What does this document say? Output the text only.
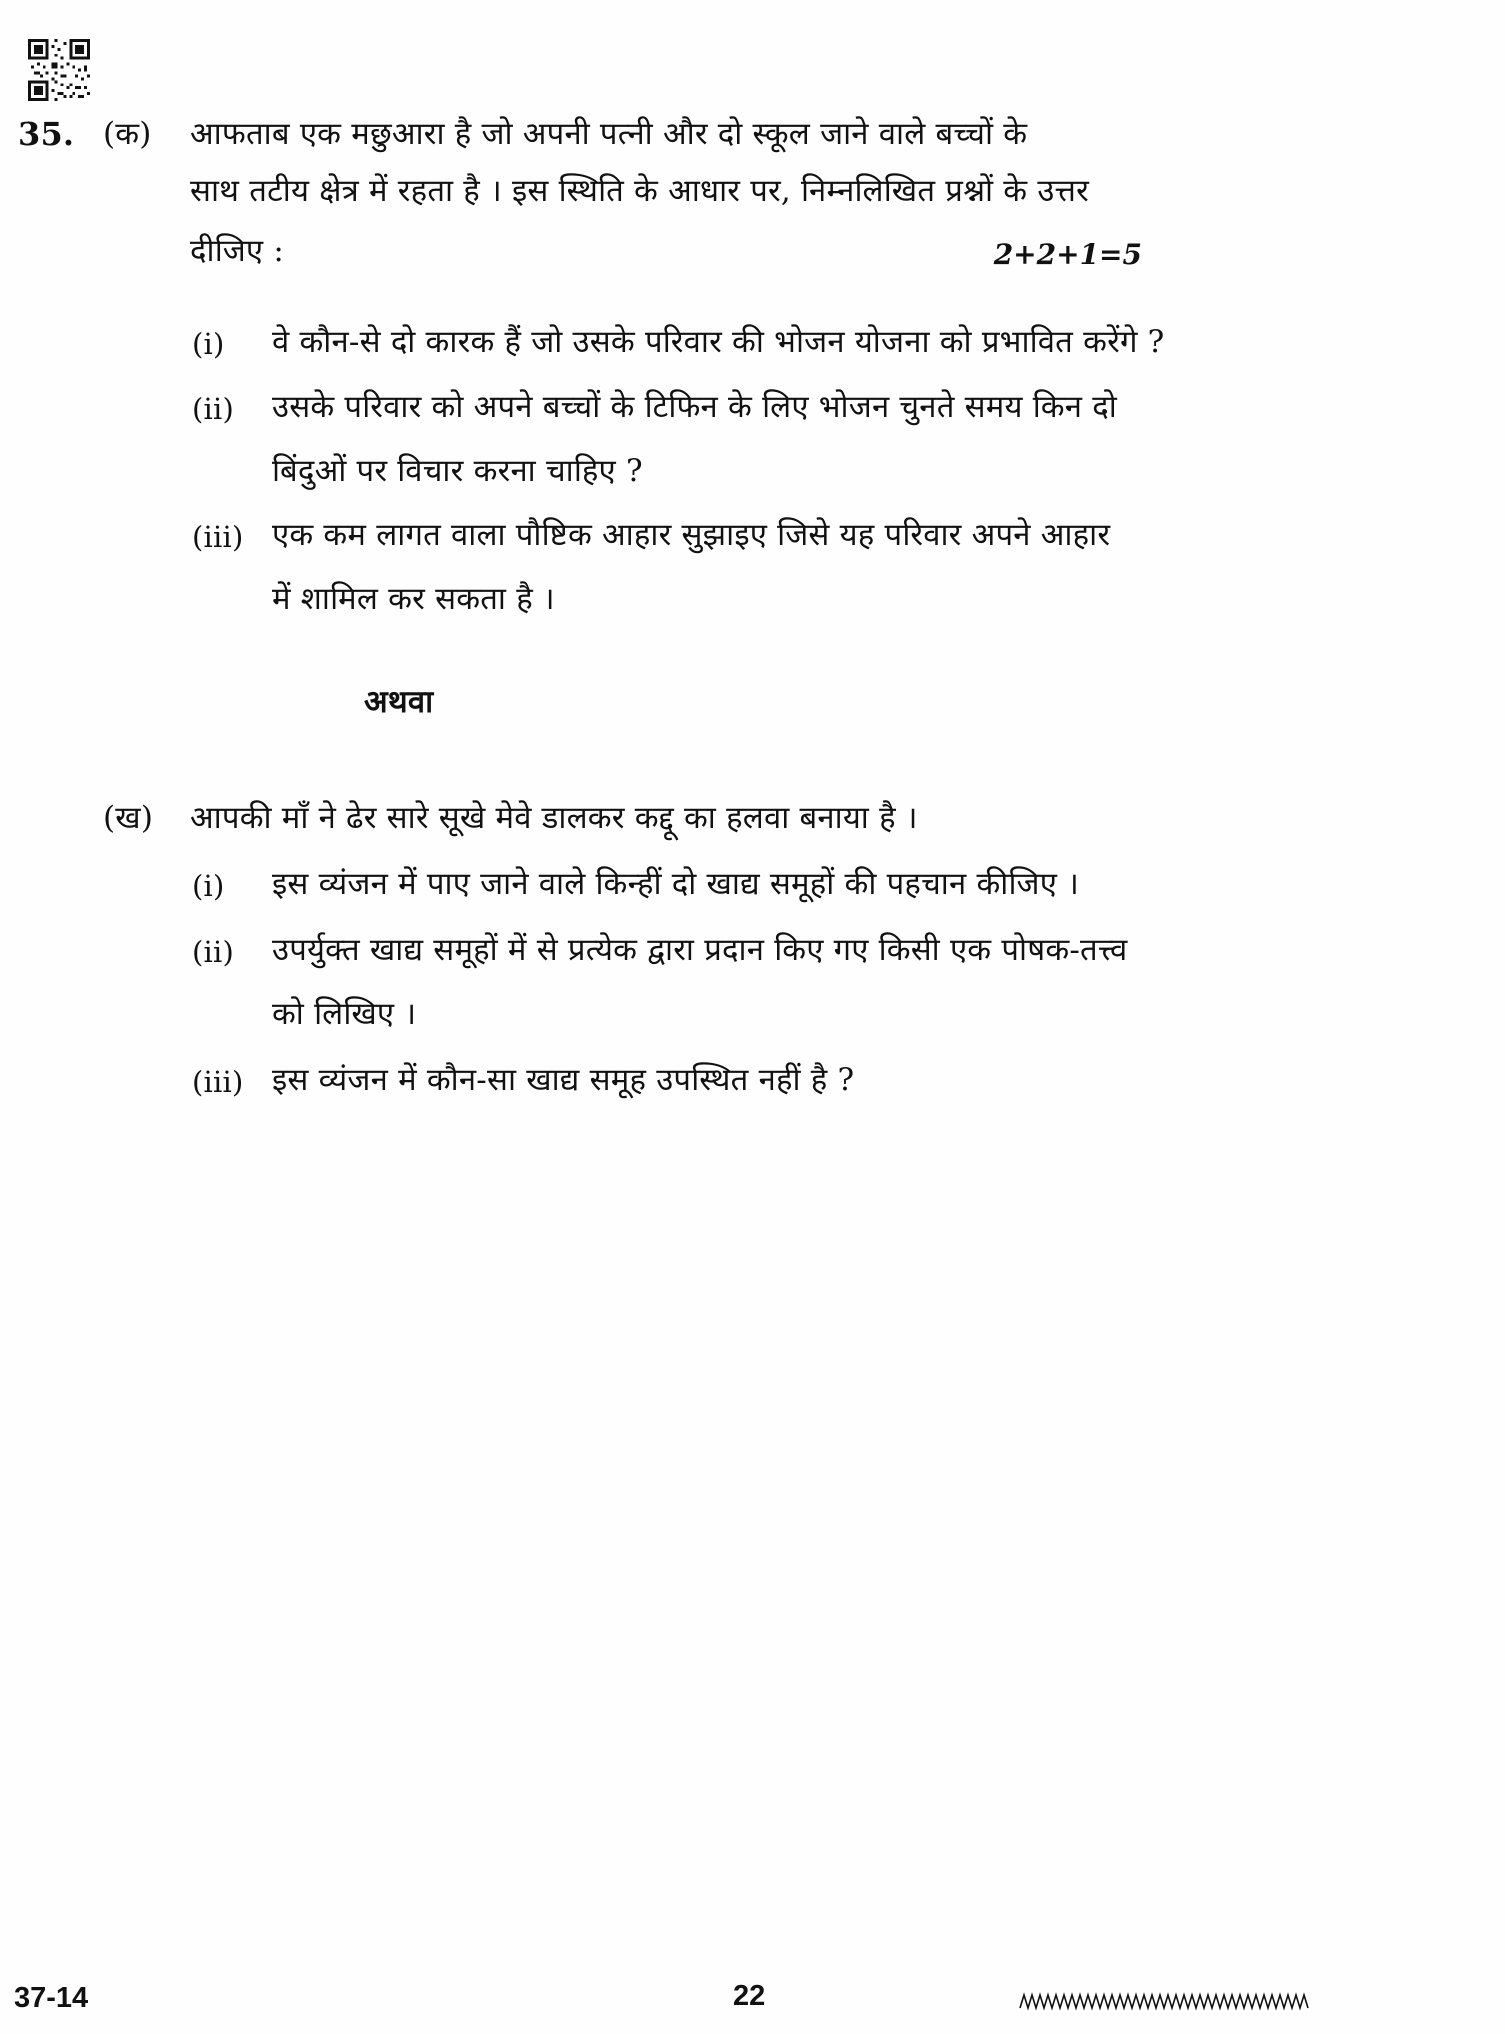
35. (क) आफताब एक मछुआरा है जो अपनी पत्नी और दो स्कूल जाने वाले बच्चों के
साथ तटीय क्षेत्र में रहता है । इस स्थिति के आधार पर, निम्नलिखित प्रश्नों के उत्तर
दीजिए :	2+2+1=5
(i) वे कौन-से दो कारक हैं जो उसके परिवार की भोजन योजना को प्रभावित करेंगे ?
(ii) उसके परिवार को अपने बच्चों के टिफिन के लिए भोजन चुनते समय किन दो
बिंदुओं पर विचार करना चाहिए ?
(iii) एक कम लागत वाला पौष्टिक आहार सुझाइए जिसे यह परिवार अपने आहार
में शामिल कर सकता है ।
अथवा
(ख) आपकी माँ ने ढेर सारे सूखे मेवे डालकर कद्दू का हलवा बनाया है ।
(i) इस व्यंजन में पाए जाने वाले किन्हीं दो खाद्य समूहों की पहचान कीजिए ।
(ii) उपर्युक्त खाद्य समूहों में से प्रत्येक द्वारा प्रदान किए गए किसी एक पोषक-तत्त्व
को लिखिए ।
(iii) इस व्यंजन में कौन-सा खाद्य समूह उपस्थित नहीं है ?
37-14	22
